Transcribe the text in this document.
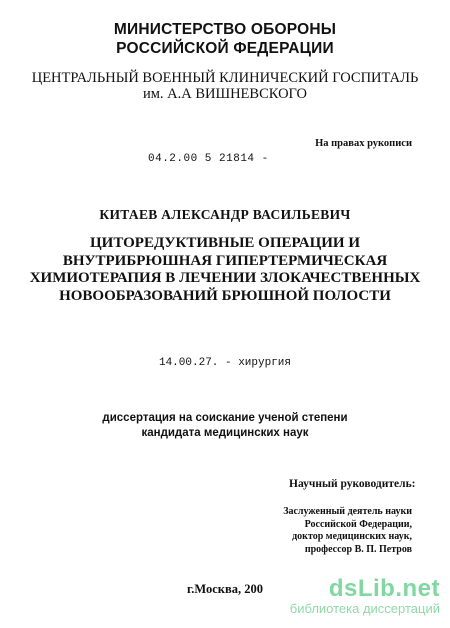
МИНИСТЕРСТВО ОБОРОНЫ
РОССИЙСКОЙ ФЕДЕРАЦИИ
ЦЕНТРАЛЬНЫЙ ВОЕННЫЙ КЛИНИЧЕСКИЙ ГОСПИТАЛЬ
им. А.А ВИШНЕВСКОГО
На правах рукописи
04.2.00 5 21814 -
КИТАЕВ АЛЕКСАНДР ВАСИЛЬЕВИЧ
ЦИТОРЕДУКТИВНЫЕ ОПЕРАЦИИ И
ВНУТРИБРЮШНАЯ ГИПЕРТЕРМИЧЕСКАЯ
ХИМИОТЕРАПИЯ В ЛЕЧЕНИИ ЗЛОКАЧЕСТВЕННЫХ
НОВООБРАЗОВАНИЙ БРЮШНОЙ ПОЛОСТИ
14.00.27. - хирургия
диссертация на соискание ученой степени
кандидата медицинских наук
Научный руководитель:
Заслуженный деятель науки
Российской Федерации,
доктор медицинских наук,
профессор В. П. Петров
г.Москва, 200	dsLib.net
библиотека диссертаций
